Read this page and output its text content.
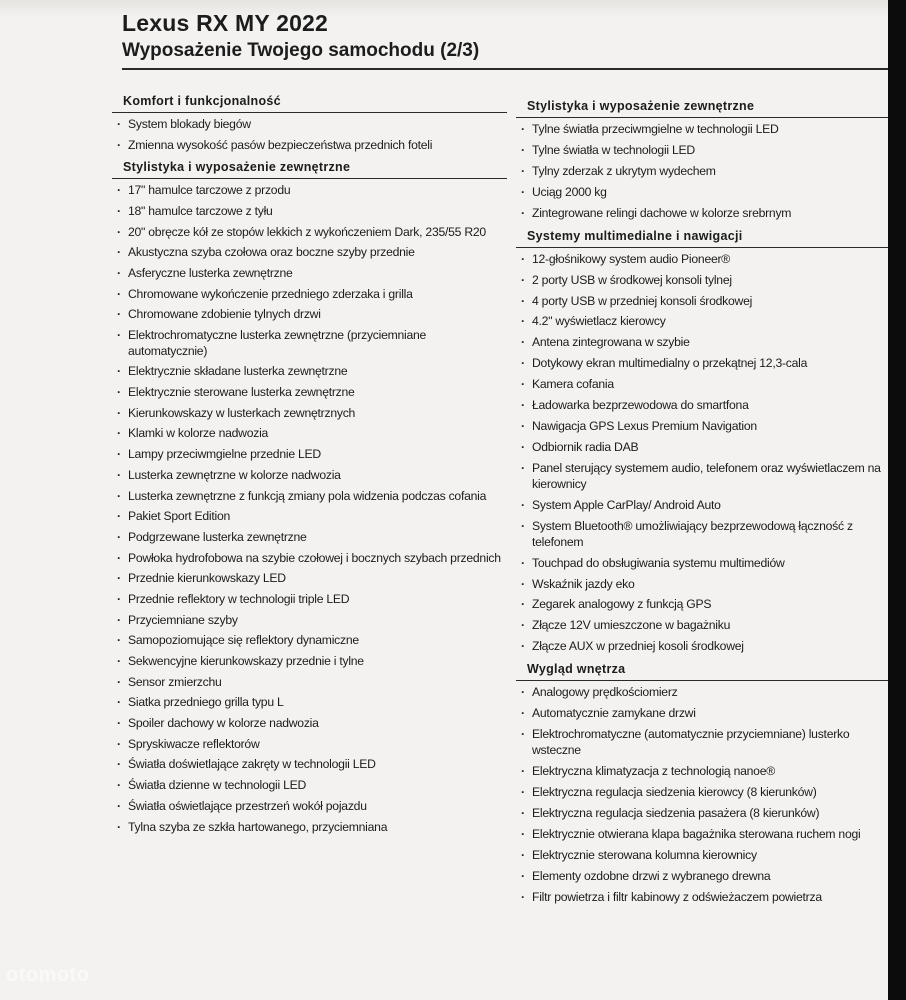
Lexus RX MY 2022
Wyposażenie Twojego samochodu (2/3)
Komfort i funkcjonalność
· System blokady biegów
· Zmienna wysokość pasów bezpieczeństwa przednich foteli
Stylistyka i wyposażenie zewnętrzne
· 17" hamulce tarczowe z przodu
· 18" hamulce tarczowe z tyłu
· 20" obręcze kół ze stopów lekkich z wykończeniem Dark, 235/55 R20
· Akustyczna szyba czołowa oraz boczne szyby przednie
· Asferyczne lusterka zewnętrzne
· Chromowane wykończenie przedniego zderzaka i grilla
· Chromowane zdobienie tylnych drzwi
· Elektrochromatyczne lusterka zewnętrzne (przyciemniane automatycznie)
· Elektrycznie składane lusterka zewnętrzne
· Elektrycznie sterowane lusterka zewnętrzne
· Kierunkowskazy w lusterkach zewnętrznych
· Klamki w kolorze nadwozia
· Lampy przeciwmgielne przednie LED
· Lusterka zewnętrzne w kolorze nadwozia
· Lusterka zewnętrzne z funkcją zmiany pola widzenia podczas cofania
· Pakiet Sport Edition
· Podgrzewane lusterka zewnętrzne
· Powłoka hydrofobowa na szybie czołowej i bocznych szybach przednich
· Przednie kierunkowskazy LED
· Przednie reflektory w technologii triple LED
· Przyciemniane szyby
· Samopoziomujące się reflektory dynamiczne
· Sekwencyjne kierunkowskazy przednie i tylne
· Sensor zmierzchu
· Siatka przedniego grilla typu L
· Spoiler dachowy w kolorze nadwozia
· Spryskiwacze reflektorów
· Światła doświetlające zakręty w technologii LED
· Światła dzienne w technologii LED
· Światła oświetlające przestrzeń wokół pojazdu
· Tylna szyba ze szkła hartowanego, przyciemniana
Stylistyka i wyposażenie zewnętrzne
· Tylne światła przeciwmgielne w technologii LED
· Tylne światła w technologii LED
· Tylny zderzak z ukrytym wydechem
· Uciąg 2000 kg
· Zintegrowane relingi dachowe w kolorze srebrnym
Systemy multimedialne i nawigacji
· 12-głośnikowy system audio Pioneer®
· 2 porty USB w środkowej konsoli tylnej
· 4 porty USB w przedniej konsoli środkowej
· 4.2" wyświetlacz kierowcy
· Antena zintegrowana w szybie
· Dotykowy ekran multimedialny o przekątnej 12,3-cala
· Kamera cofania
· Ładowarka bezprzewodowa do smartfona
· Nawigacja GPS Lexus Premium Navigation
· Odbiornik radia DAB
· Panel sterujący systemem audio, telefonem oraz wyświetlaczem na kierownicy
· System Apple CarPlay/ Android Auto
· System Bluetooth® umożliwiający bezprzewodową łączność z telefonem
· Touchpad do obsługiwania systemu multimediów
· Wskaźnik jazdy eko
· Zegarek analogowy z funkcją GPS
· Złącze 12V umieszczone w bagażniku
· Złącze AUX w przedniej kosoli środkowej
Wygląd wnętrza
· Analogowy prędkościomierz
· Automatycznie zamykane drzwi
· Elektrochromatyczne (automatycznie przyciemniane) lusterko wsteczne
· Elektryczna klimatyzacja z technologią nanoe®
· Elektryczna regulacja siedzenia kierowcy (8 kierunków)
· Elektryczna regulacja siedzenia pasażera (8 kierunków)
· Elektrycznie otwierana klapa bagażnika sterowana ruchem nogi
· Elektrycznie sterowana kolumna kierownicy
· Elementy ozdobne drzwi z wybranego drewna
· Filtr powietrza i filtr kabinowy z odświeżaczem powietrza
otomoto
